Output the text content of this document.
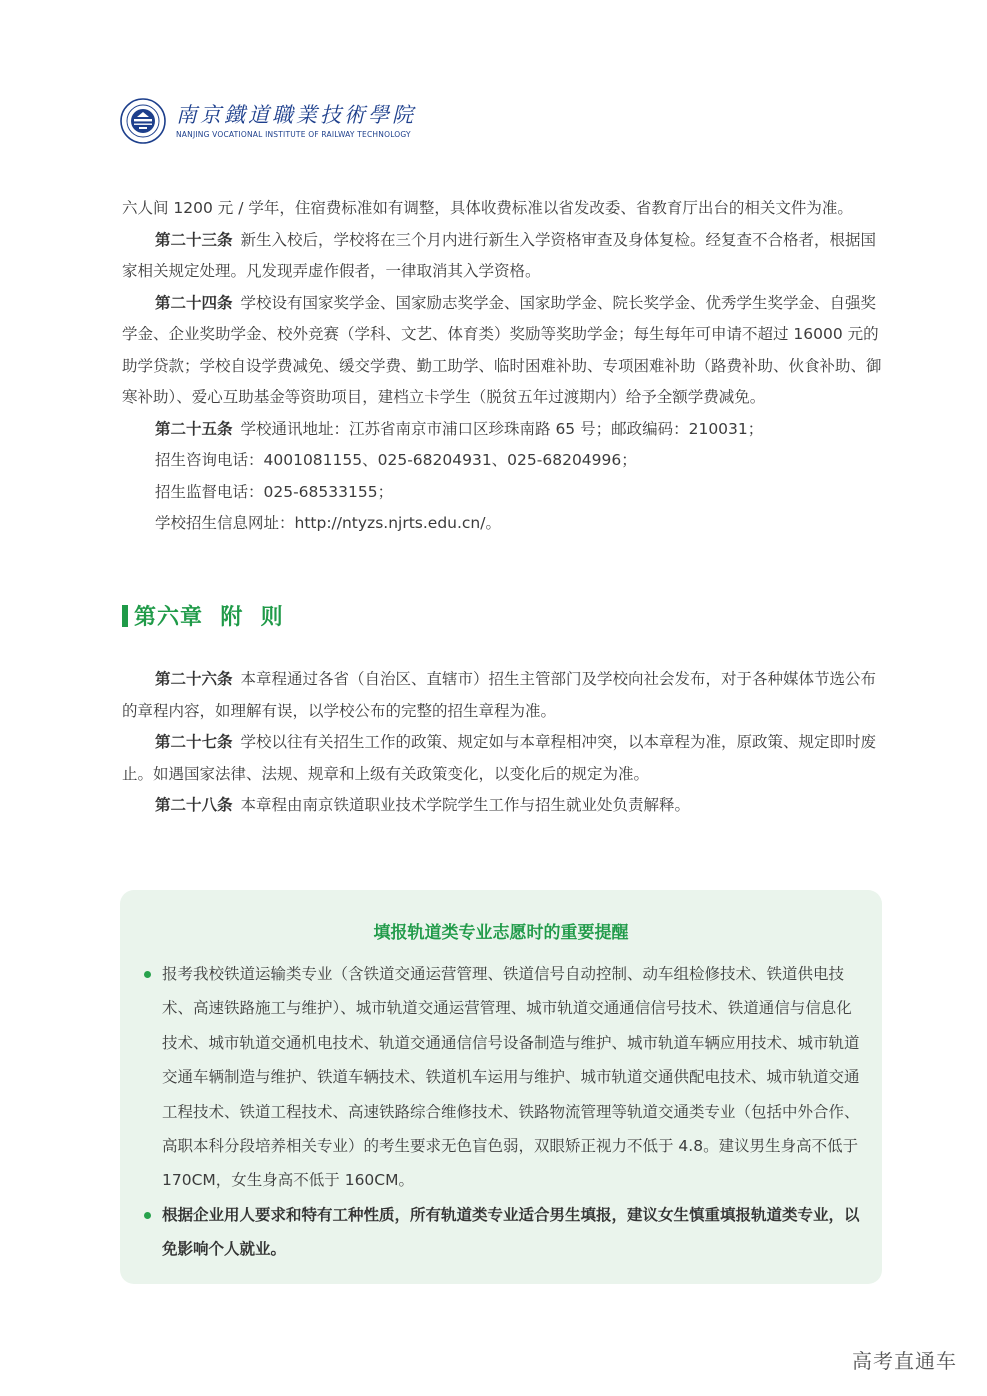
南京鐵道職業技術學院
NANJING VOCATIONAL INSTITUTE OF RAILWAY TECHNOLOGY

六人间 1200 元 / 学年，住宿费标准如有调整，具体收费标准以省发改委、省教育厅出台的相关文件为准。

第二十三条 新生入校后，学校将在三个月内进行新生入学资格审查及身体复检。经复查不合格者，根据国家相关规定处理。凡发现弄虚作假者，一律取消其入学资格。

第二十四条 学校设有国家奖学金、国家励志奖学金、国家助学金、院长奖学金、优秀学生奖学金、自强奖学金、企业奖助学金、校外竞赛（学科、文艺、体育类）奖励等奖助学金；每生每年可申请不超过 16000 元的助学贷款；学校自设学费减免、缓交学费、勤工助学、临时困难补助、专项困难补助（路费补助、伙食补助、御寒补助）、爱心互助基金等资助项目，建档立卡学生（脱贫五年过渡期内）给予全额学费减免。

第二十五条 学校通讯地址：江苏省南京市浦口区珍珠南路 65 号；邮政编码：210031；

招生咨询电话：4001081155、025-68204931、025-68204996；

招生监督电话：025-68533155；

学校招生信息网址：http://ntyzs.njrts.edu.cn/。

第六章  附  则

第二十六条 本章程通过各省（自治区、直辖市）招生主管部门及学校向社会发布，对于各种媒体节选公布的章程内容，如理解有误，以学校公布的完整的招生章程为准。

第二十七条 学校以往有关招生工作的政策、规定如与本章程相冲突，以本章程为准，原政策、规定即时废止。如遇国家法律、法规、规章和上级有关政策变化，以变化后的规定为准。

第二十八条 本章程由南京铁道职业技术学院学生工作与招生就业处负责解释。

填报轨道类专业志愿时的重要提醒
报考我校铁道运输类专业（含铁道交通运营管理、铁道信号自动控制、动车组检修技术、铁道供电技术、高速铁路施工与维护）、城市轨道交通运营管理、城市轨道交通通信信号技术、铁道通信与信息化技术、城市轨道交通机电技术、轨道交通通信信号设备制造与维护、城市轨道车辆应用技术、城市轨道交通车辆制造与维护、铁道车辆技术、铁道机车运用与维护、城市轨道交通供配电技术、城市轨道交通工程技术、铁道工程技术、高速铁路综合维修技术、铁路物流管理等轨道交通类专业（包括中外合作、高职本科分段培养相关专业）的考生要求无色盲色弱，双眼矫正视力不低于 4.8。建议男生身高不低于 170CM，女生身高不低于 160CM。
根据企业用人要求和特有工种性质，所有轨道类专业适合男生填报，建议女生慎重填报轨道类专业，以免影响个人就业。
高考直通车
